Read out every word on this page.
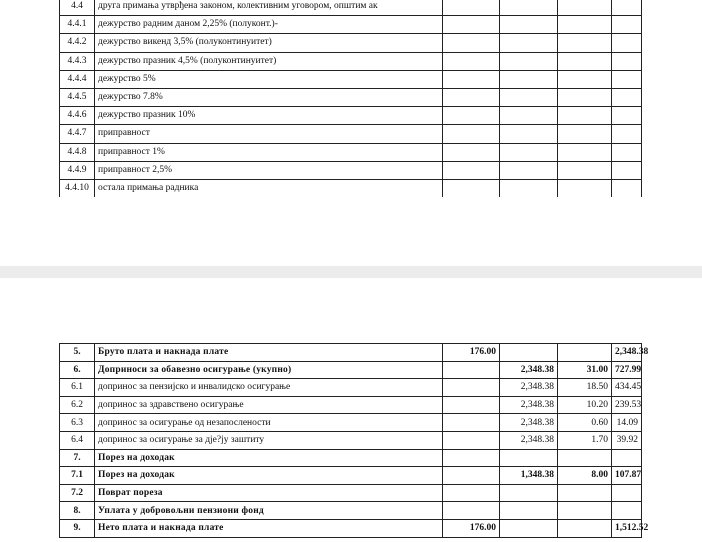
4.4	друга примања утврђена законом, колективним уговором, општим ак				
4.4.1	дежурство радним даном 2,25% (полуконт.)-				
4.4.2	дежурство викенд 3,5% (полуконтинуитет)				
4.4.3	дежурство празник 4,5% (полуконтинуитет)				
4.4.4	дежурство 5%				
4.4.5	дежурство 7.8%				
4.4.6	дежурство празник 10%				
4.4.7	приправност				
4.4.8	приправност 1%				
4.4.9	приправност 2,5%				
4.4.10	остала примања радника				
5.	Бруто плата и накнада плате	176.00			2,348.38
6.	Доприноси за обавезно осигурање (укупно)		2,348.38	31.00	727.99
6.1	допринос за пензијско и инвалидско осигурање		2,348.38	18.50	434.45
6.2	допринос за здравствено осигурање		2,348.38	10.20	239.53
6.3	допринос за осигурање од незапослености		2,348.38	0.60	14.09
6.4	допринос за осигурање за дје?ју заштиту		2,348.38	1.70	39.92
7.	Порез на доходак				
7.1	Порез на доходак		1,348.38	8.00	107.87
7.2	Поврат пореза				
8.	Уплата у добровољни пензиони фонд				
9.	Нето плата и накнада плате	176.00			1,512.52
